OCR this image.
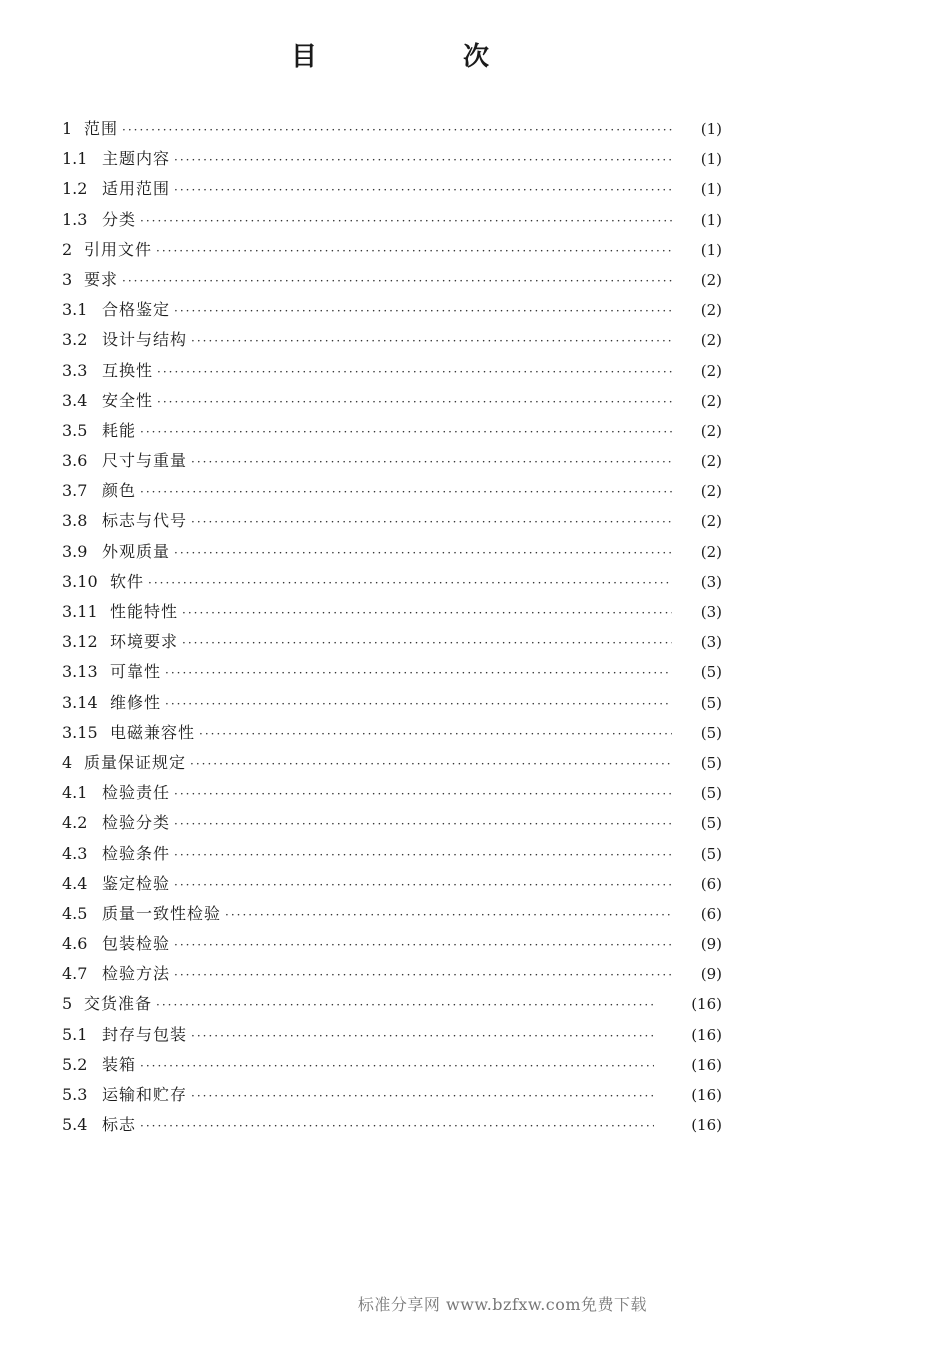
目　次
1 范围 ·····	(1)
1.1 主题内容 ·····	(1)
1.2 适用范围 ·····	(1)
1.3 分类 ·····	(1)
2 引用文件 ·····	(1)
3 要求 ·····	(2)
3.1 合格鉴定 ·····	(2)
3.2 设计与结构 ·····	(2)
3.3 互换性 ·····	(2)
3.4 安全性 ·····	(2)
3.5 耗能 ·····	(2)
3.6 尺寸与重量 ·····	(2)
3.7 颜色 ·····	(2)
3.8 标志与代号 ·····	(2)
3.9 外观质量 ·····	(2)
3.10 软件 ·····	(3)
3.11 性能特性 ·····	(3)
3.12 环境要求 ·····	(3)
3.13 可靠性 ·····	(5)
3.14 维修性 ·····	(5)
3.15 电磁兼容性 ·····	(5)
4 质量保证规定 ·····	(5)
4.1 检验责任 ·····	(5)
4.2 检验分类 ·····	(5)
4.3 检验条件 ·····	(5)
4.4 鉴定检验 ·····	(6)
4.5 质量一致性检验 ·····	(6)
4.6 包装检验 ·····	(9)
4.7 检验方法 ·····	(9)
5 交货准备 ·····	(16)
5.1 封存与包装 ·····	(16)
5.2 装箱 ·····	(16)
5.3 运输和贮存 ·····	(16)
5.4 标志 ·····	(16)
标准分享网 www.bzfxw.com免费下载
